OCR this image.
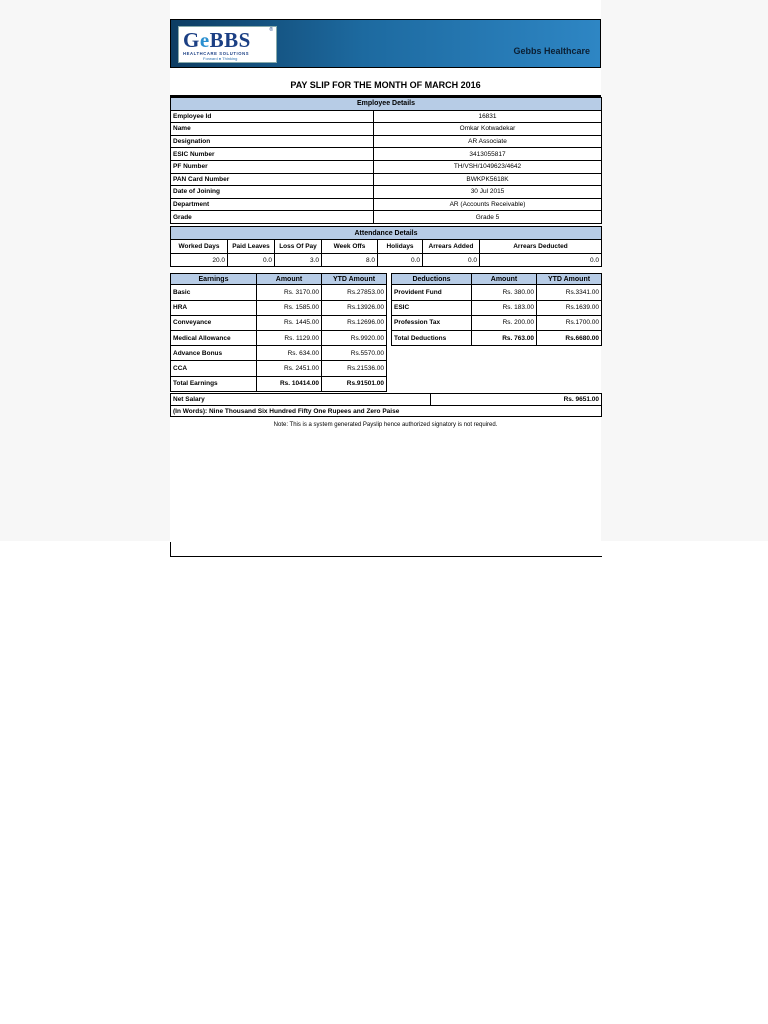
GeBBS	®
HEALTHCARE SOLUTIONS
Forward ● Thinking
Gebbs Healthcare
PAY SLIP FOR THE MONTH OF MARCH 2016
Employee Details	
Employee Id	16831
Name	Omkar Kotwadekar
Designation	AR Associate
ESIC Number	3413055817
PF Number	TH/VSH/1049623/4642
PAN Card Number	BWKPK5618K
Date of Joining	30 Jul 2015
Department	AR (Accounts Receivable)
Grade	Grade 5
Attendance Details						
Worked Days	Paid Leaves	Loss Of Pay	Week Offs	Holidays	Arrears Added	Arrears Deducted
20.0	0.0	3.0	8.0	0.0	0.0	0.0
Earnings	Amount	YTD Amount
Basic	Rs. 3170.00	Rs.27853.00
HRA	Rs. 1585.00	Rs.13926.00
Conveyance	Rs. 1445.00	Rs.12696.00
Medical Allowance	Rs. 1129.00	Rs.9920.00
Advance Bonus	Rs. 634.00	Rs.5570.00
CCA	Rs. 2451.00	Rs.21536.00
Total Earnings	Rs. 10414.00	Rs.91501.00
Deductions	Amount	YTD Amount
Provident Fund	Rs. 380.00	Rs.3341.00
ESIC	Rs. 183.00	Rs.1639.00
Profession Tax	Rs. 200.00	Rs.1700.00
Total Deductions	Rs. 763.00	Rs.6680.00
Net Salary	Rs. 9651.00
(In Words): Nine Thousand Six Hundred Fifty One Rupees and Zero Paise
Note: This is a system generated Payslip hence authorized signatory is not required.
